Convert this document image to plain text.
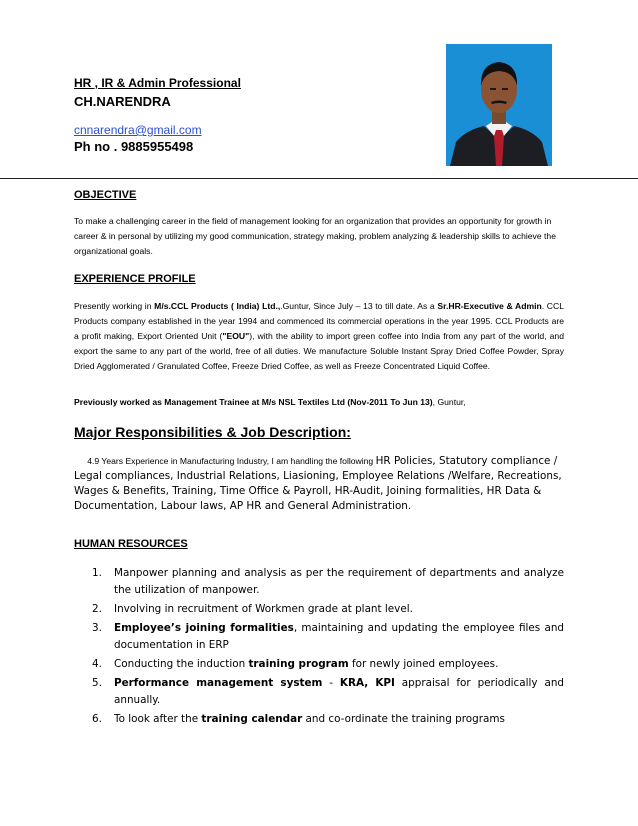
HR , IR & Admin Professional
CH.NARENDRA
cnnarendra@gmail.com
Ph no . 9885955498
OBJECTIVE
To make a challenging career in the field of management looking for an organization that provides an opportunity for growth in career & in personal by utilizing my good communication, strategy making, problem analyzing & leadership skills to achieve the organizational goals.
EXPERIENCE PROFILE
Presently working in M/s.CCL Products ( India) Ltd.,.Guntur, Since July – 13 to till date. As a Sr.HR-Executive & Admin. CCL Products company established in the year 1994 and commenced its commercial operations in the year 1995. CCL Products are a profit making, Export Oriented Unit ("EOU"), with the ability to import green coffee into India from any part of the world, and export the same to any part of the world, free of all duties. We manufacture Soluble Instant Spray Dried Coffee Powder, Spray Dried Agglomerated / Granulated Coffee, Freeze Dried Coffee, as well as Freeze Concentrated Liquid Coffee.
Previously worked as Management Trainee at M/s NSL Textiles Ltd (Nov-2011 To Jun 13), Guntur,
Major Responsibilities & Job Description:
4.9 Years Experience in Manufacturing Industry, I am handling the following HR Policies, Statutory compliance / Legal compliances, Industrial Relations, Liasioning, Employee Relations /Welfare, Recreations, Wages & Benefits, Training, Time Office & Payroll, HR-Audit, Joining formalities, HR Data & Documentation, Labour laws, AP HR and General Administration.
HUMAN RESOURCES
1. Manpower planning and analysis as per the requirement of departments and analyze the utilization of manpower.
2. Involving in recruitment of Workmen grade at plant level.
3. Employee’s joining formalities, maintaining and updating the employee files and documentation in ERP
4. Conducting the induction training program for newly joined employees.
5. Performance management system - KRA, KPI appraisal for periodically and annually.
6. To look after the training calendar and co-ordinate the training programs
